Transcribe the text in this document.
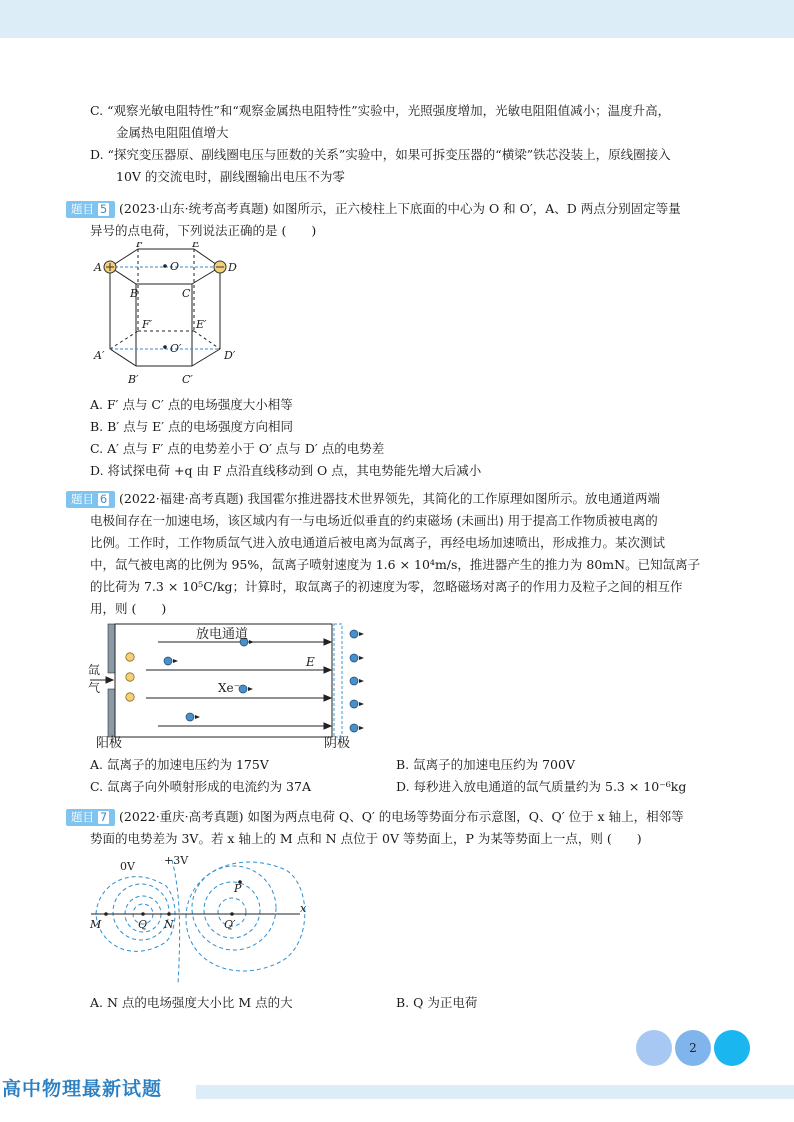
C. “观察光敏电阻特性”和“观察金属热电阻特性”实验中，光照强度增加，光敏电阻阻值减小；温度升高，
金属热电阻阻值增大
D. “探究变压器原、副线圈电压与匝数的关系”实验中，如果可拆变压器的“横梁”铁芯没装上，原线圈接入
10V 的交流电时，副线圈输出电压不为零
题目 5 (2023·山东·统考高考真题) 如图所示，正六棱柱上下底面的中心为 O 和 O′，A、D 两点分别固定等量
异号的点电荷，下列说法正确的是 (　　)
F	E
A	D
B	C
O
F′	E′
A′	D′
B′	C′
O′
A. F′ 点与 C′ 点的电场强度大小相等
B. B′ 点与 E′ 点的电场强度方向相同
C. A′ 点与 F′ 点的电势差小于 O′ 点与 D′ 点的电势差
D. 将试探电荷 +q 由 F 点沿直线移动到 O 点，其电势能先增大后减小
题目 6 (2022·福建·高考真题) 我国霍尔推进器技术世界领先，其简化的工作原理如图所示。放电通道两端
电极间存在一加速电场，该区域内有一与电场近似垂直的约束磁场 (未画出) 用于提高工作物质被电离的
比例。工作时，工作物质氙气进入放电通道后被电离为氙离子，再经电场加速喷出，形成推力。某次测试
中，氙气被电离的比例为 95%，氙离子喷射速度为 1.6 × 10⁴m/s，推进器产生的推力为 80mN。已知氙离子
的比荷为 7.3 × 10⁵C/kg；计算时，取氙离子的初速度为零，忽略磁场对离子的作用力及粒子之间的相互作
用，则 (　　)
放电通道
E
Xe⁻
氙
气
阳极	阴极
A. 氙离子的加速电压约为 175V	B. 氙离子的加速电压约为 700V
C. 氙离子向外喷射形成的电流约为 37A	D. 每秒进入放电通道的氙气质量约为 5.3 × 10⁻⁶kg
题目 7 (2022·重庆·高考真题) 如图为两点电荷 Q、Q′ 的电场等势面分布示意图，Q、Q′ 位于 x 轴上，相邻等
势面的电势差为 3V。若 x 轴上的 M 点和 N 点位于 0V 等势面上，P 为某等势面上一点，则 (　　)
0V	+3V
M	Q N
P
Q′
x
A. N 点的电场强度大小比 M 点的大	B. Q 为正电荷
2
高中物理最新试题
